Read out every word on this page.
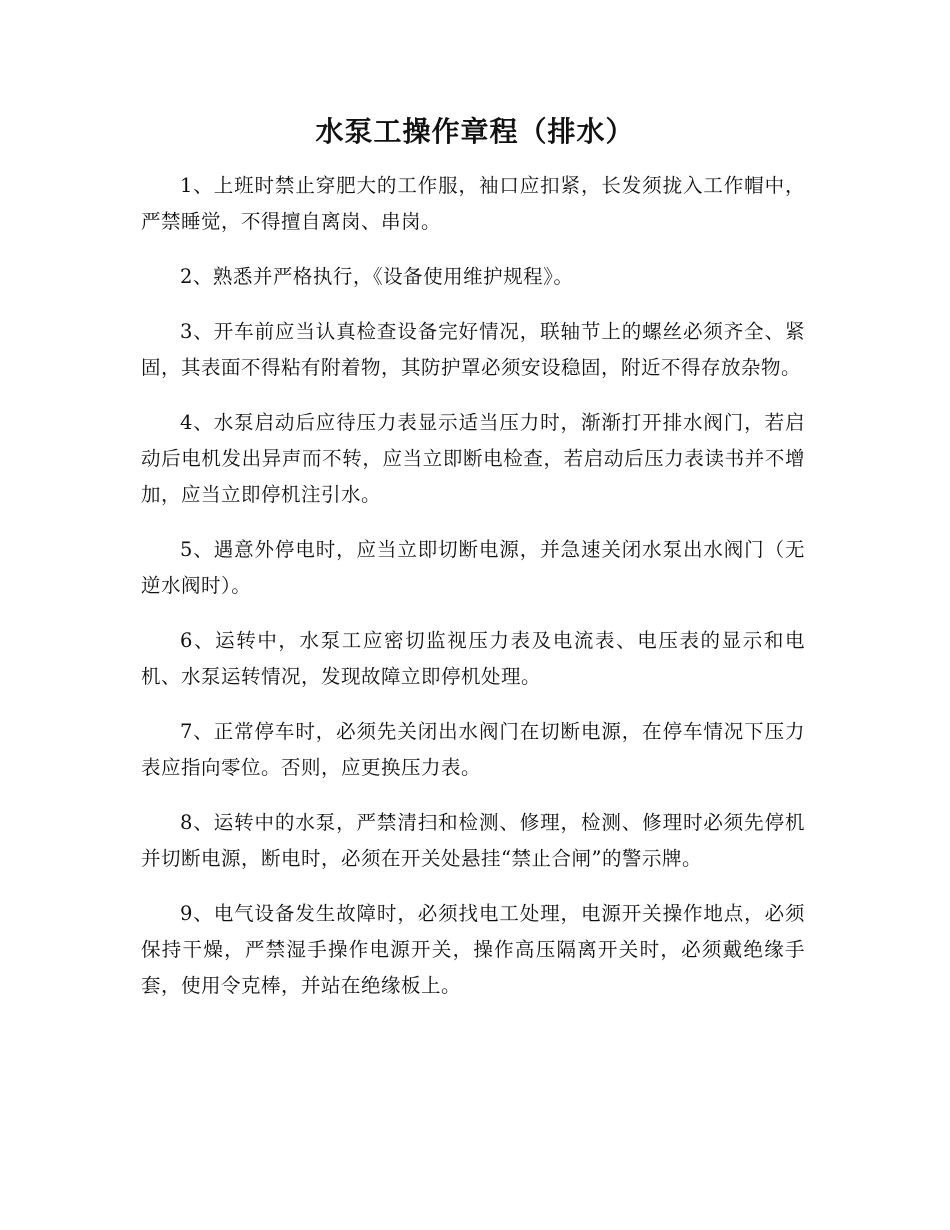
水泵工操作章程（排水）

1、上班时禁止穿肥大的工作服，袖口应扣紧，长发须拢入工作帽中，严禁睡觉，不得擅自离岗、串岗。

2、熟悉并严格执行，《设备使用维护规程》。

3、开车前应当认真检查设备完好情况，联轴节上的螺丝必须齐全、紧固，其表面不得粘有附着物，其防护罩必须安设稳固，附近不得存放杂物。

4、水泵启动后应待压力表显示适当压力时，渐渐打开排水阀门，若启动后电机发出异声而不转，应当立即断电检查，若启动后压力表读书并不增加，应当立即停机注引水。

5、遇意外停电时，应当立即切断电源，并急速关闭水泵出水阀门（无逆水阀时）。

6、运转中，水泵工应密切监视压力表及电流表、电压表的显示和电机、水泵运转情况，发现故障立即停机处理。

7、正常停车时，必须先关闭出水阀门在切断电源，在停车情况下压力表应指向零位。否则，应更换压力表。

8、运转中的水泵，严禁清扫和检测、修理，检测、修理时必须先停机并切断电源，断电时，必须在开关处悬挂“禁止合闸”的警示牌。

9、电气设备发生故障时，必须找电工处理，电源开关操作地点，必须保持干燥，严禁湿手操作电源开关，操作高压隔离开关时，必须戴绝缘手套，使用令克棒，并站在绝缘板上。
